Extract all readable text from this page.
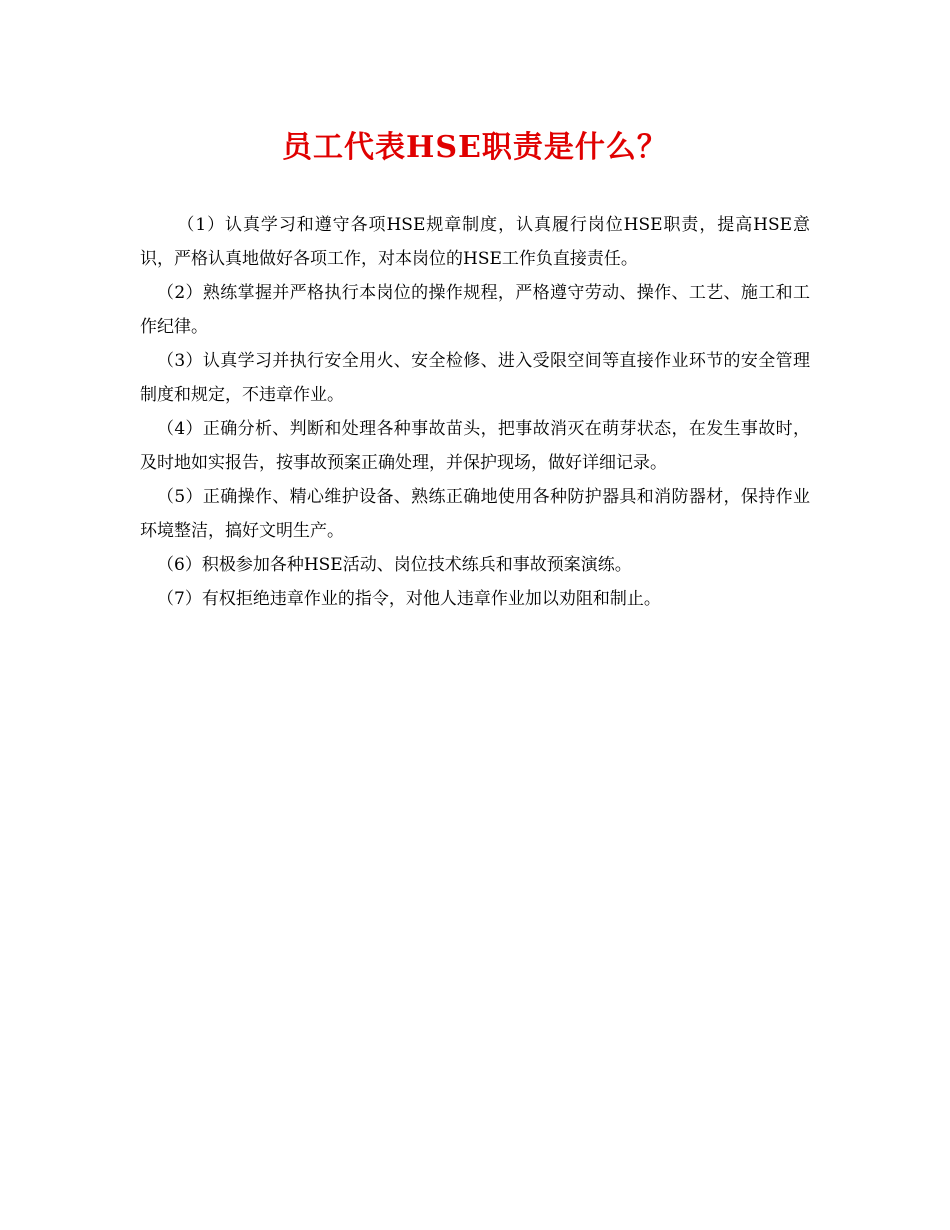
员工代表HSE职责是什么？

（1）认真学习和遵守各项HSE规章制度，认真履行岗位HSE职责，提高HSE意识，严格认真地做好各项工作，对本岗位的HSE工作负直接责任。

（2）熟练掌握并严格执行本岗位的操作规程，严格遵守劳动、操作、工艺、施工和工作纪律。

（3）认真学习并执行安全用火、安全检修、进入受限空间等直接作业环节的安全管理制度和规定，不违章作业。

（4）正确分析、判断和处理各种事故苗头，把事故消灭在萌芽状态，在发生事故时，及时地如实报告，按事故预案正确处理，并保护现场，做好详细记录。

（5）正确操作、精心维护设备、熟练正确地使用各种防护器具和消防器材，保持作业环境整洁，搞好文明生产。

（6）积极参加各种HSE活动、岗位技术练兵和事故预案演练。

（7）有权拒绝违章作业的指令，对他人违章作业加以劝阻和制止。
